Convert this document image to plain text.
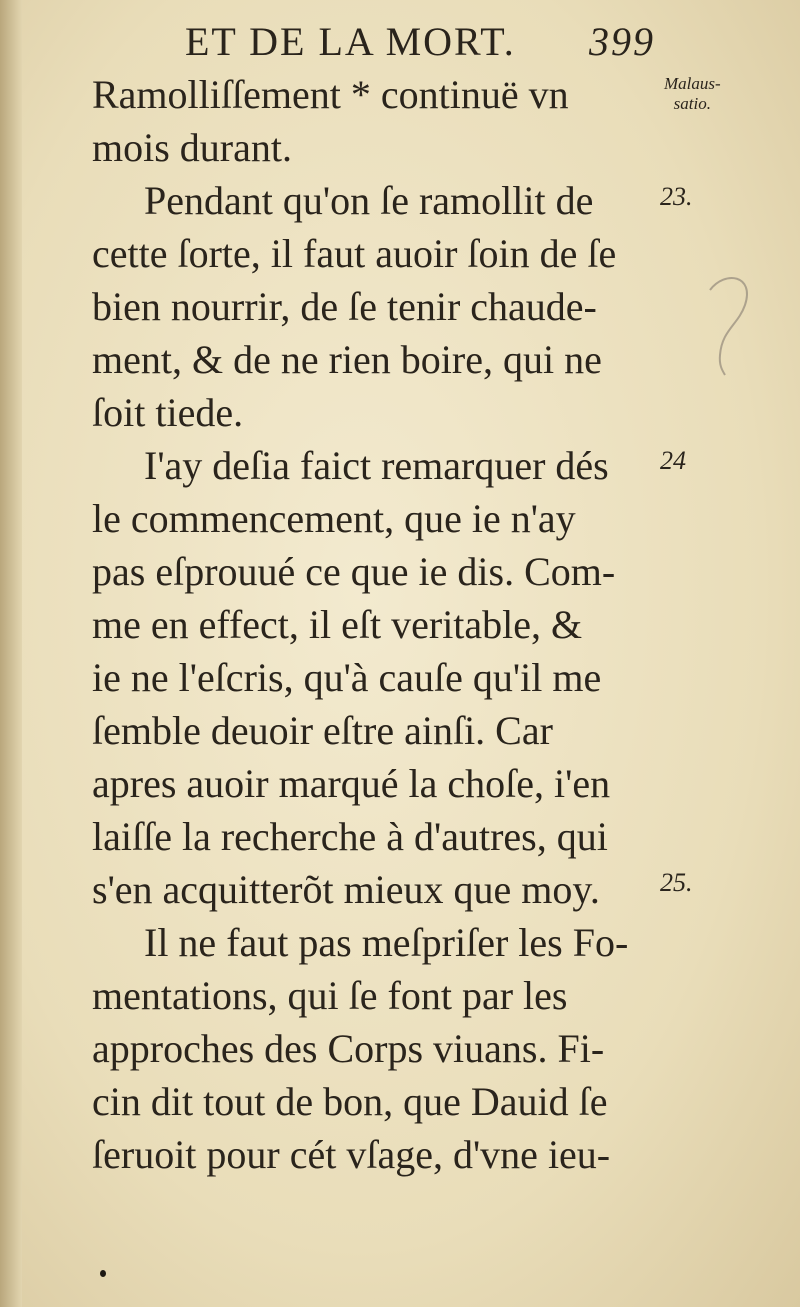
ET DE LA MORT. 399
Malaus-
satio.
23.
24
25.
Ramolliſſement * continuë vn
mois durant.
Pendant qu'on ſe ramollit de
cette ſorte, il faut auoir ſoin de ſe
bien nourrir, de ſe tenir chaude-
ment, & de ne rien boire, qui ne
ſoit tiede.
I'ay deſia faict remarquer dés
le commencement, que ie n'ay
pas eſprouué ce que ie dis. Com-
me en effect, il eſt veritable, &
ie ne l'eſcris, qu'à cauſe qu'il me
ſemble deuoir eſtre ainſi. Car
apres auoir marqué la choſe, i'en
laiſſe la recherche à d'autres, qui
s'en acquitterõt mieux que moy.
Il ne faut pas meſpriſer les Fo-
mentations, qui ſe font par les
approches des Corps viuans. Fi-
cin dit tout de bon, que Dauid ſe
ſeruoit pour cét vſage, d'vne ieu-
